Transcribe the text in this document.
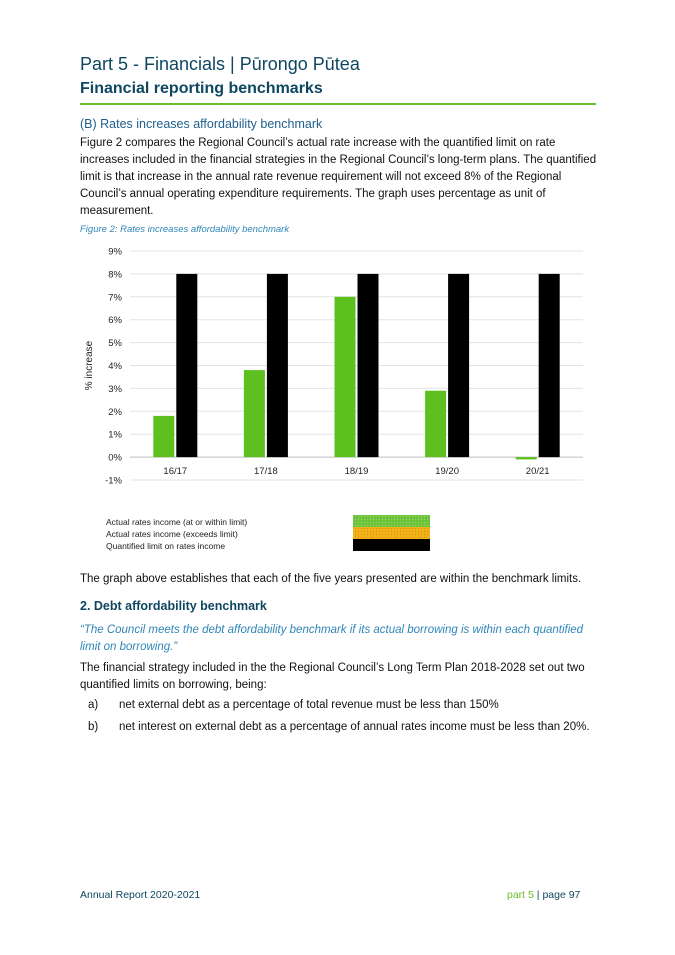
Part 5 - Financials | Pūrongo Pūtea
Financial reporting benchmarks
(B) Rates increases affordability benchmark
Figure 2 compares the Regional Council’s actual rate increase with the quantified limit on rate increases included in the financial strategies in the Regional Council’s long-term plans. The quantified limit is that increase in the annual rate revenue requirement will not exceed 8% of the Regional Council’s annual operating expenditure requirements. The graph uses percentage as unit of measurement.
Figure 2: Rates increases affordability benchmark
-1%
0%
1%
2%
3%
4%
5%
6%
7%
8%
9%
% increase
16/17	17/18	18/19	19/20	20/21
Actual rates income (at or within limit)
Actual rates income (exceeds limit)
Quantified limit on rates income
The graph above establishes that each of the five years presented are within the benchmark limits.
2. Debt affordability benchmark
“The Council meets the debt affordability benchmark if its actual borrowing is within each quantified limit on borrowing.”
The financial strategy included in the the Regional Council’s Long Term Plan 2018-2028 set out two quantified limits on borrowing, being:
a) net external debt as a percentage of total revenue must be less than 150%
b) net interest on external debt as a percentage of annual rates income must be less than 20%.
Annual Report 2020-2021	part 5 | page 97
